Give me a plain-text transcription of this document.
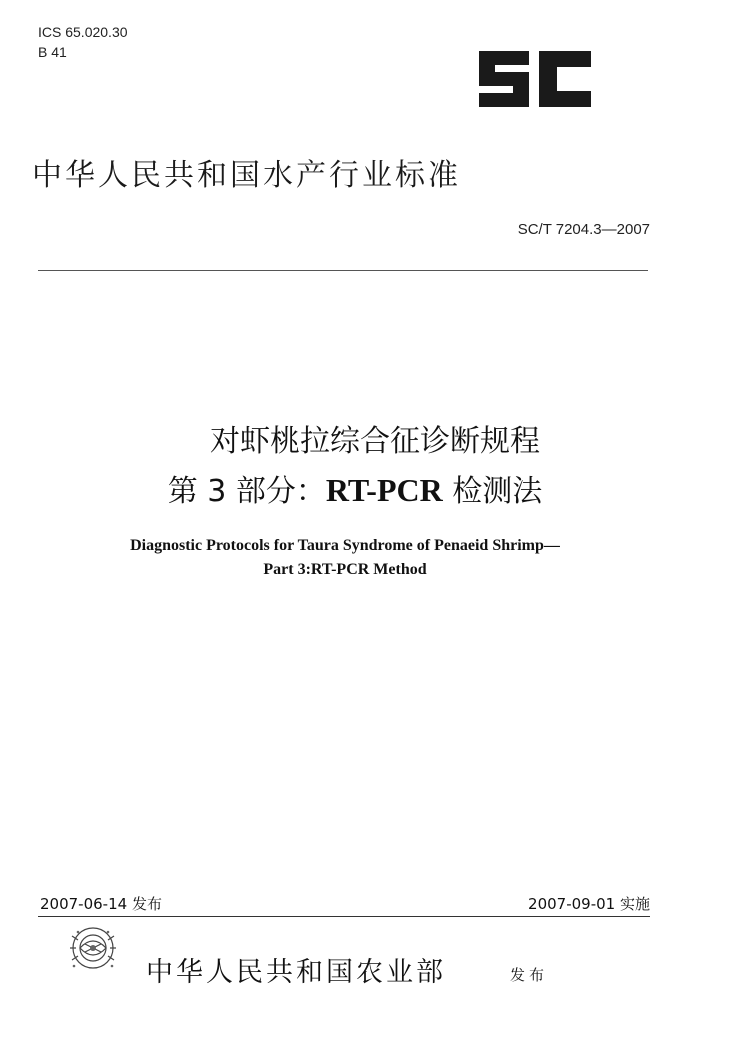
ICS 65.020.30
B 41
中华人民共和国水产行业标准
SC/T 7204.3—2007
对虾桃拉综合征诊断规程
第 3 部分：RT-PCR 检测法
Diagnostic Protocols for Taura Syndrome of Penaeid Shrimp—
Part 3:RT-PCR Method
2007-06-14 发布	2007-09-01 实施
中华人民共和国农业部	发布
